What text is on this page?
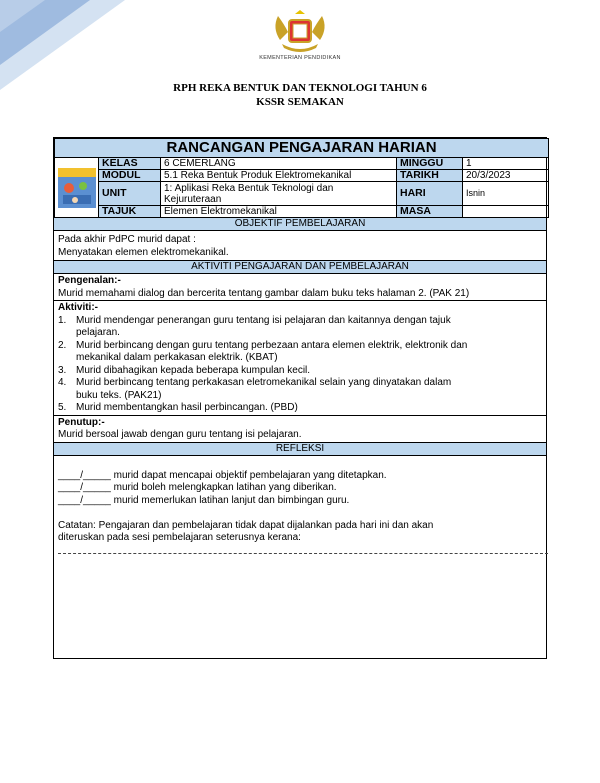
KEMENTERIAN PENDIDIKAN
RPH REKA BENTUK DAN TEKNOLOGI TAHUN 6
KSSR SEMAKAN
RANCANGAN PENGAJARAN HARIAN				

	KELAS	6 CEMERLANG	MINGGU	1
	MODUL	5.1 Reka Bentuk Produk Elektromekanikal	TARIKH	20/3/2023
	UNIT	1: Aplikasi Reka Bentuk Teknologi dan
Kejuruteraan	HARI	Isnin
	TAJUK	Elemen Elektromekanikal	MASA	
OBJEKTIF PEMBELAJARAN
Pada akhir PdPC murid dapat :
Menyatakan elemen elektromekanikal.
AKTIVITI PENGAJARAN DAN PEMBELAJARAN
Pengenalan:-
Murid memahami dialog dan bercerita tentang gambar dalam buku teks halaman 2. (PAK 21)
Aktiviti:-
1. Murid mendengar penerangan guru tentang isi pelajaran dan kaitannya dengan tajuk
pelajaran.
2. Murid berbincang dengan guru tentang perbezaan antara elemen elektrik, elektronik dan
mekanikal dalam perkakasan elektrik. (KBAT)
3. Murid dibahagikan kepada beberapa kumpulan kecil.
4. Murid berbincang tentang perkakasan eletromekanikal selain yang dinyatakan dalam
buku teks. (PAK21)
5. Murid membentangkan hasil perbincangan. (PBD)
Penutup:-
Murid bersoal jawab dengan guru tentang isi pelajaran.
REFLEKSI
____/_____ murid dapat mencapai objektif pembelajaran yang ditetapkan.
____/_____ murid boleh melengkapkan latihan yang diberikan.
____/_____ murid memerlukan latihan lanjut dan bimbingan guru.
Catatan: Pengajaran dan pembelajaran tidak dapat dijalankan pada hari ini dan akan
diteruskan pada sesi pembelajaran seterusnya kerana:
